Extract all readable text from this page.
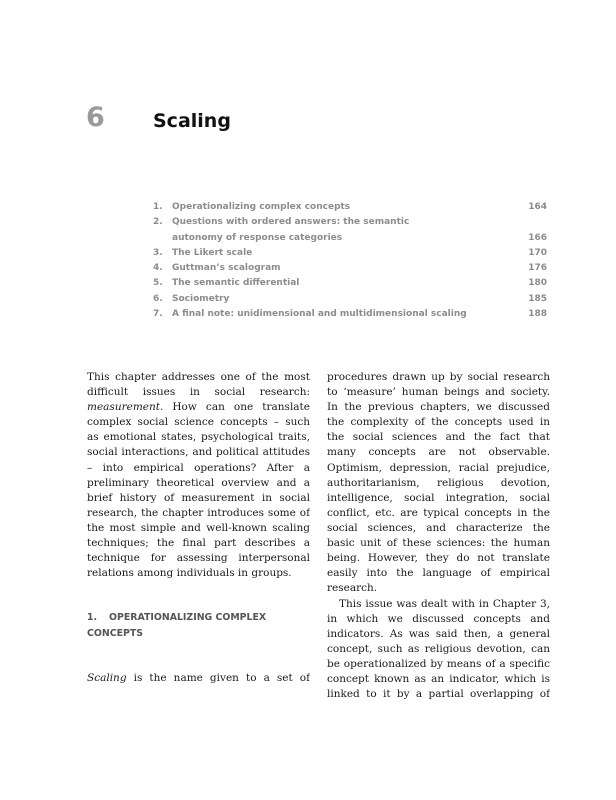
6	Scaling
1.	Operationalizing complex concepts	164
2.	Questions with ordered answers: the semantic
autonomy of response categories	166
3.	The Likert scale	170
4.	Guttman’s scalogram	176
5.	The semantic differential	180
6.	Sociometry	185
7.	A final note: unidimensional and multidimensional scaling	188

This chapter addresses one of the most difficult issues in social research: measurement. How can one translate complex social science concepts – such as emotional states, psychological traits, social interactions, and political attitudes – into empirical operations? After a preliminary theoretical overview and a brief history of measurement in social research, the chapter introduces some of the most simple and well-known scaling techniques; the final part describes a technique for assessing interpersonal relations among individuals in groups.

1. OPERATIONALIZING COMPLEX CONCEPTS

Scaling is the name given to a set of

procedures drawn up by social research to ‘measure’ human beings and society. In the previous chapters, we discussed the complexity of the concepts used in the social sciences and the fact that many concepts are not observable. Optimism, depression, racial prejudice, authoritarianism, religious devotion, intelligence, social integration, social conflict, etc. are typical concepts in the social sciences, and characterize the basic unit of these sciences: the human being. However, they do not translate easily into the language of empirical research.

This issue was dealt with in Chapter 3, in which we discussed concepts and indicators. As was said then, a general concept, such as religious devotion, can be operationalized by means of a specific concept known as an indicator, which is linked to it by a partial overlapping of
